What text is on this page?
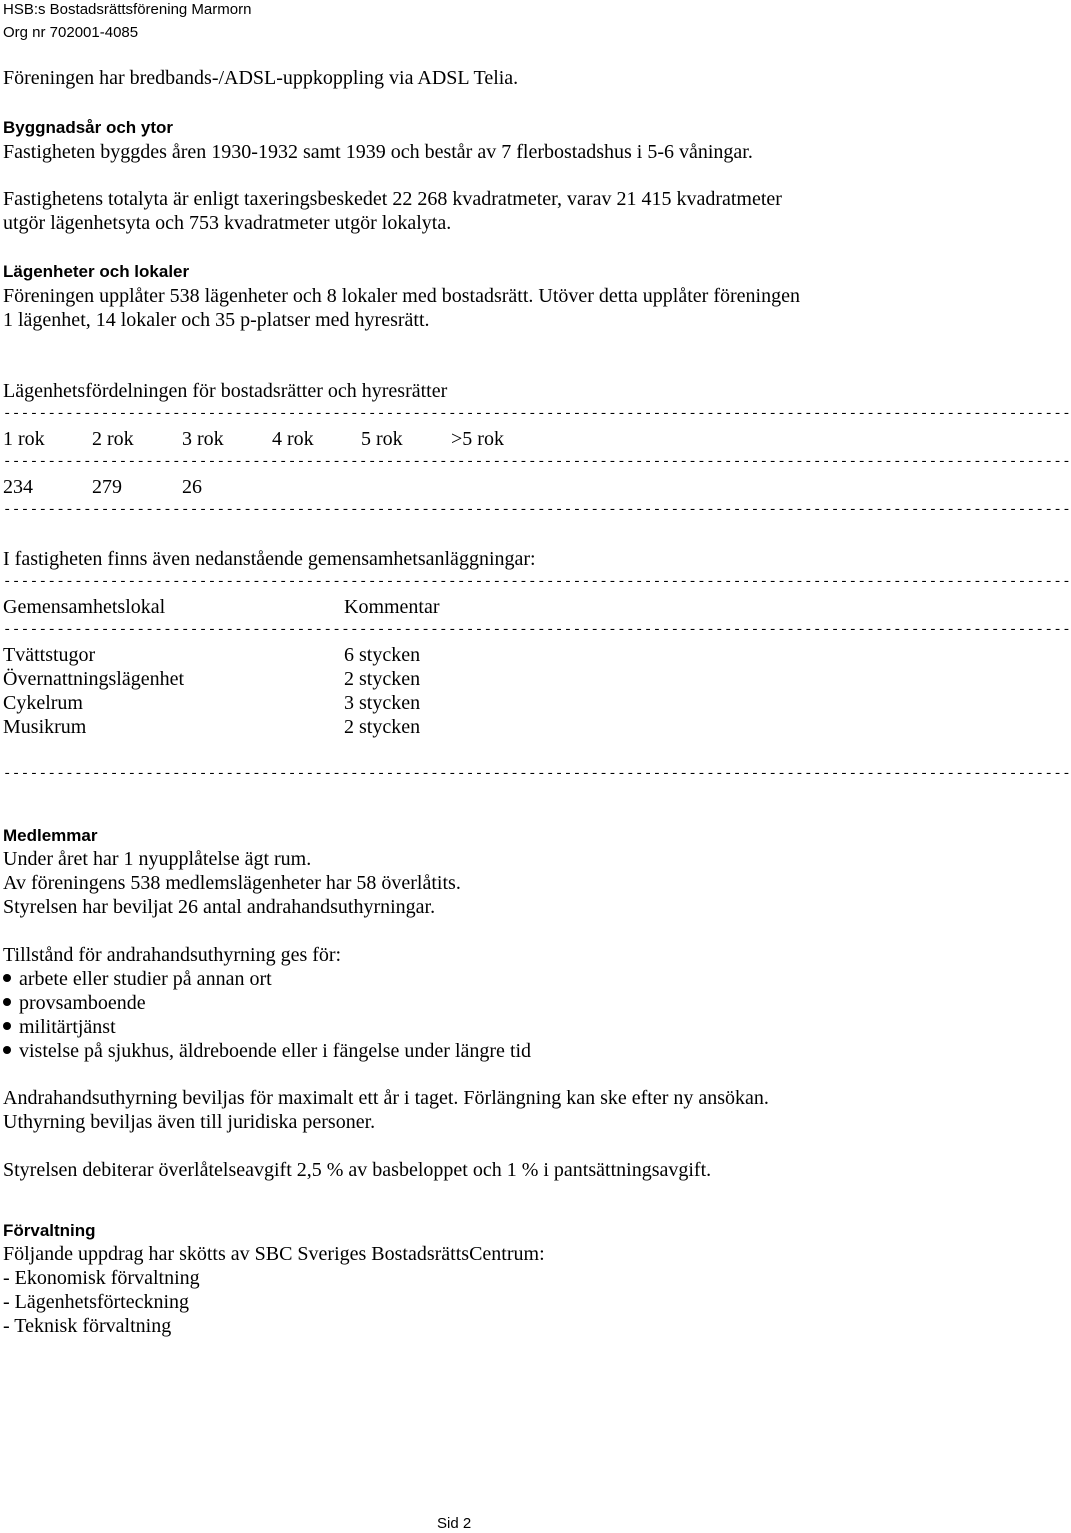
HSB:s Bostadsrättsförening Marmorn
Org nr 702001-4085
Föreningen har bredbands-/ADSL-uppkoppling via ADSL Telia.
Byggnadsår och ytor
Fastigheten byggdes åren 1930-1932 samt 1939 och består av 7 flerbostadshus i 5-6 våningar.
Fastighetens totalyta är enligt taxeringsbeskedet 22 268 kvadratmeter, varav 21 415 kvadratmeter
utgör lägenhetsyta och 753 kvadratmeter utgör lokalyta.
Lägenheter och lokaler
Föreningen upplåter 538 lägenheter och 8 lokaler med bostadsrätt. Utöver detta upplåter föreningen
1 lägenhet, 14 lokaler och 35 p-platser med hyresrätt.
Lägenhetsfördelningen för bostadsrätter och hyresrätter
------------------------------------------------------------------------------------------------------------------------
1 rok 2 rok 3 rok 4 rok 5 rok >5 rok
------------------------------------------------------------------------------------------------------------------------
234	279	26
------------------------------------------------------------------------------------------------------------------------
I fastigheten finns även nedanstående gemensamhetsanläggningar:
------------------------------------------------------------------------------------------------------------------------
Gemensamhetslokal	Kommentar
------------------------------------------------------------------------------------------------------------------------
Tvättstugor	6 stycken
Övernattningslägenhet	2 stycken
Cykelrum	3 stycken
Musikrum	2 stycken
------------------------------------------------------------------------------------------------------------------------
Medlemmar
Under året har 1 nyupplåtelse ägt rum.
Av föreningens 538 medlemslägenheter har 58 överlåtits.
Styrelsen har beviljat 26 antal andrahandsuthyrningar.
Tillstånd för andrahandsuthyrning ges för:
arbete eller studier på annan ort
provsamboende
militärtjänst
vistelse på sjukhus, äldreboende eller i fängelse under längre tid
Andrahandsuthyrning beviljas för maximalt ett år i taget. Förlängning kan ske efter ny ansökan.
Uthyrning beviljas även till juridiska personer.
Styrelsen debiterar överlåtelseavgift 2,5 % av basbeloppet och 1 % i pantsättningsavgift.
Förvaltning
Följande uppdrag har skötts av SBC Sveriges BostadsrättsCentrum:
- Ekonomisk förvaltning
- Lägenhetsförteckning
- Teknisk förvaltning
Sid 2
